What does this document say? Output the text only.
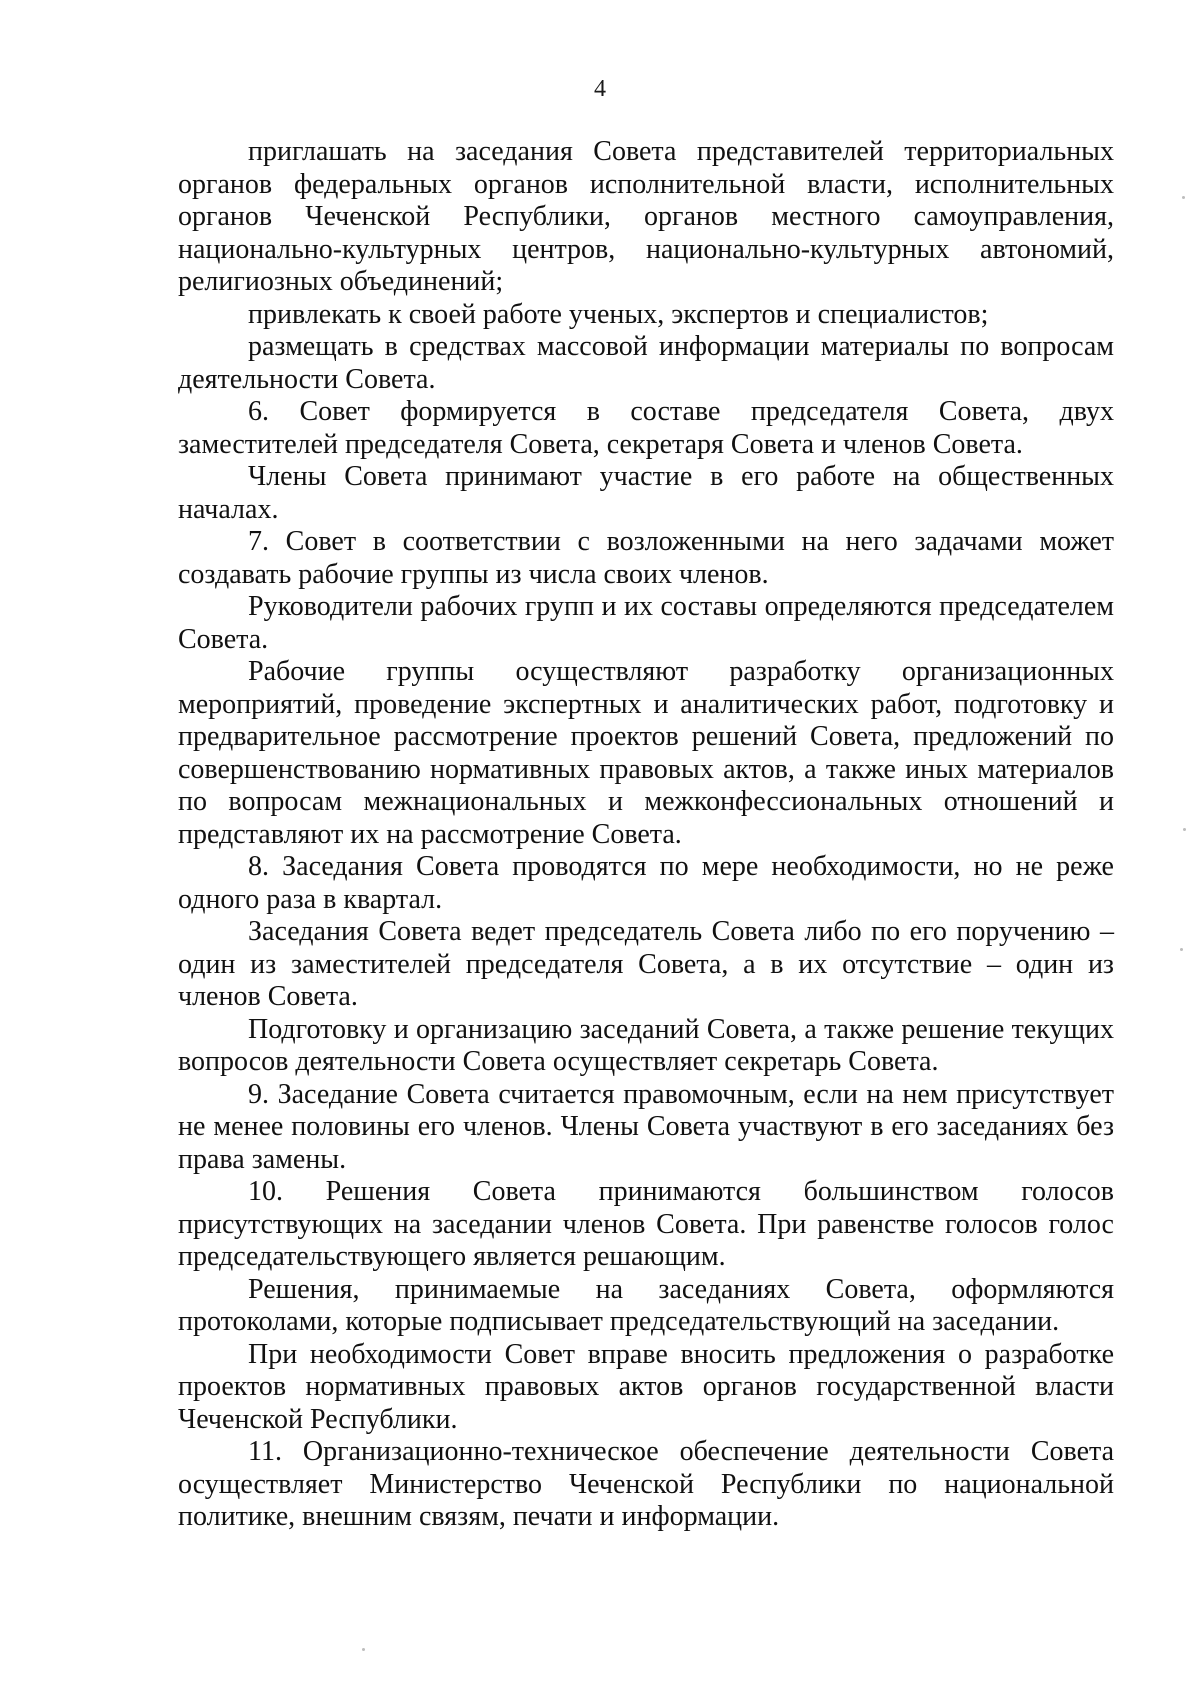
4

приглашать на заседания Совета представителей территориальных органов федеральных органов исполнительной власти, исполнительных органов Чеченской Республики, органов местного самоуправления, национально-культурных центров, национально-культурных автономий, религиозных объединений;

привлекать к своей работе ученых, экспертов и специалистов;

размещать в средствах массовой информации материалы по вопросам деятельности Совета.

6. Совет формируется в составе председателя Совета, двух заместителей председателя Совета, секретаря Совета и членов Совета.

Члены Совета принимают участие в его работе на общественных началах.

7. Совет в соответствии с возложенными на него задачами может создавать рабочие группы из числа своих членов.

Руководители рабочих групп и их составы определяются председателем Совета.

Рабочие группы осуществляют разработку организационных мероприятий, проведение экспертных и аналитических работ, подготовку и предварительное рассмотрение проектов решений Совета, предложений по совершенствованию нормативных правовых актов, а также иных материалов по вопросам межнациональных и межконфессиональных отношений и представляют их на рассмотрение Совета.

8. Заседания Совета проводятся по мере необходимости, но не реже одного раза в квартал.

Заседания Совета ведет председатель Совета либо по его поручению – один из заместителей председателя Совета, а в их отсутствие – один из членов Совета.

Подготовку и организацию заседаний Совета, а также решение текущих вопросов деятельности Совета осуществляет секретарь Совета.

9. Заседание Совета считается правомочным, если на нем присутствует не менее половины его членов. Члены Совета участвуют в его заседаниях без права замены.

10. Решения Совета принимаются большинством голосов присутствующих на заседании членов Совета. При равенстве голосов голос председательствующего является решающим.

Решения, принимаемые на заседаниях Совета, оформляются протоколами, которые подписывает председательствующий на заседании.

При необходимости Совет вправе вносить предложения о разработке проектов нормативных правовых актов органов государственной власти Чеченской Республики.

11. Организационно-техническое обеспечение деятельности Совета осуществляет Министерство Чеченской Республики по национальной политике, внешним связям, печати и информации.
